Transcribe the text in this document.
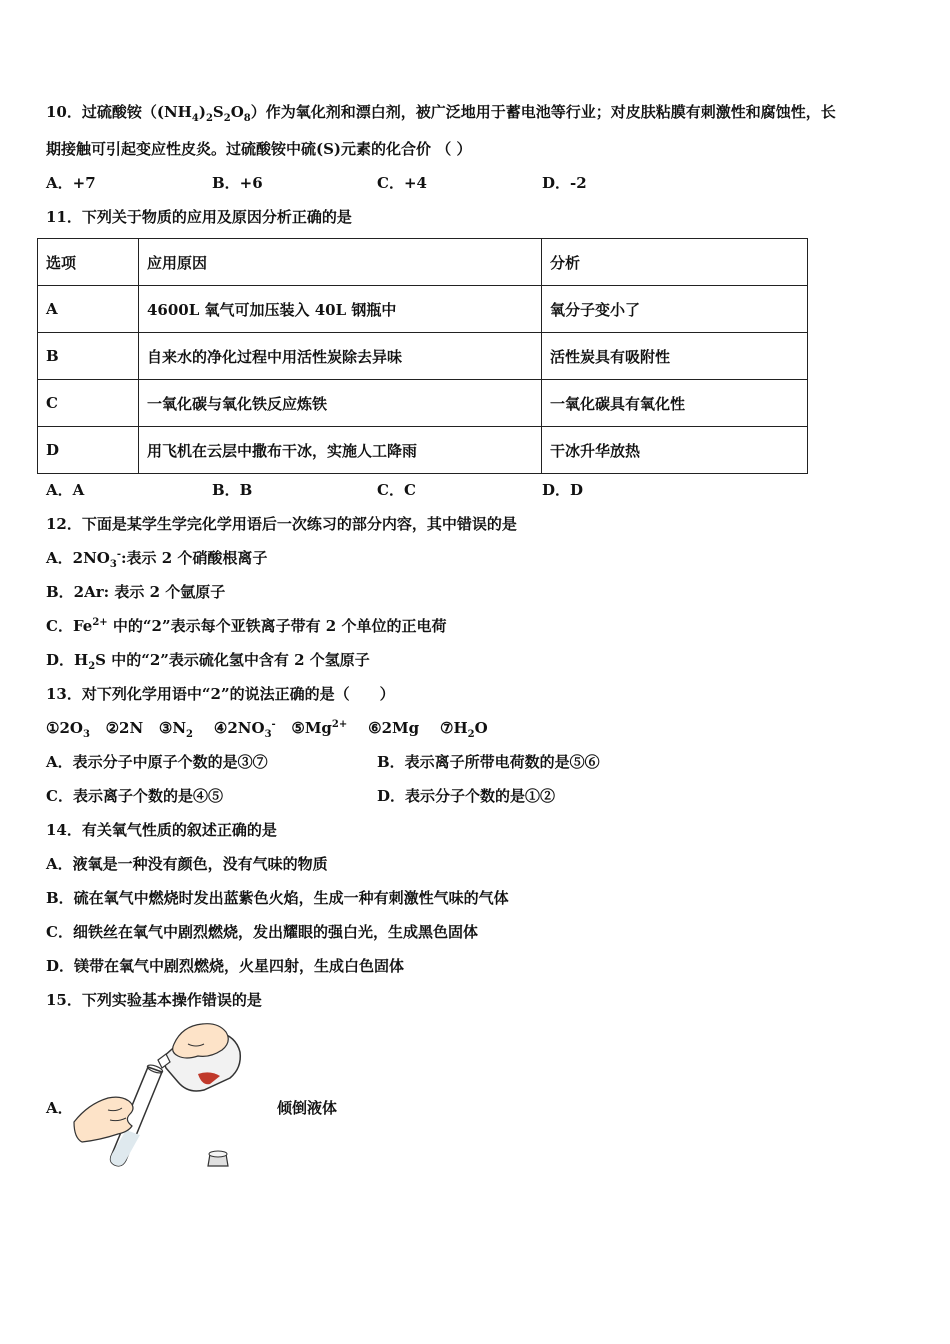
10．过硫酸铵$((NH_4)_2S_2O_8)$作为氧化剂和漂白剂，被广泛地用于蓄电池等行业；对皮肤粘膜有刺激性和腐蚀性，长
期接触可引起变应性皮炎。过硫酸铵中硫(S)元素的化合价 （ ）
A．+7	B．+6	C．+4	D．-2
11．下列关于物质的应用及原因分析正确的是
选项	应用原因	分析
A	4600L 氧气可加压装入 40L 钢瓶中	氧分子变小了
B	自来水的净化过程中用活性炭除去异味	活性炭具有吸附性
C	一氧化碳与氧化铁反应炼铁	一氧化碳具有氧化性
D	用飞机在云层中撒布干冰，实施人工降雨	干冰升华放热
A．A	B．B	C．C	D．D
12．下面是某学生学完化学用语后一次练习的部分内容，其中错误的是
A．$2NO_3^-$:表示 2 个硝酸根离子
B．2Ar: 表示 2 个氩原子
C．$Fe^{2+}$ 中的“2”表示每个亚铁离子带有 2 个单位的正电荷
D．$H_2S$ 中的“2”表示硫化氢中含有 2 个氢原子
13．对下列化学用语中“2”的说法正确的是（　　）
$①2O_3$ ②2N $③N_2$ $④2NO_3^-$ $⑤Mg^{2+}$ ⑥2Mg $⑦H_2O$
A．表示分子中原子个数的是③⑦	B．表示离子所带电荷数的是⑤⑥
C．表示离子个数的是④⑤	D．表示分子个数的是①②
14．有关氧气性质的叙述正确的是
A．液氧是一种没有颜色，没有气味的物质
B．硫在氧气中燃烧时发出蓝紫色火焰，生成一种有刺激性气味的气体
C．细铁丝在氧气中剧烈燃烧，发出耀眼的强白光，生成黑色固体
D．镁带在氧气中剧烈燃烧，火星四射，生成白色固体
15．下列实验基本操作错误的是
A．	倾倒液体
